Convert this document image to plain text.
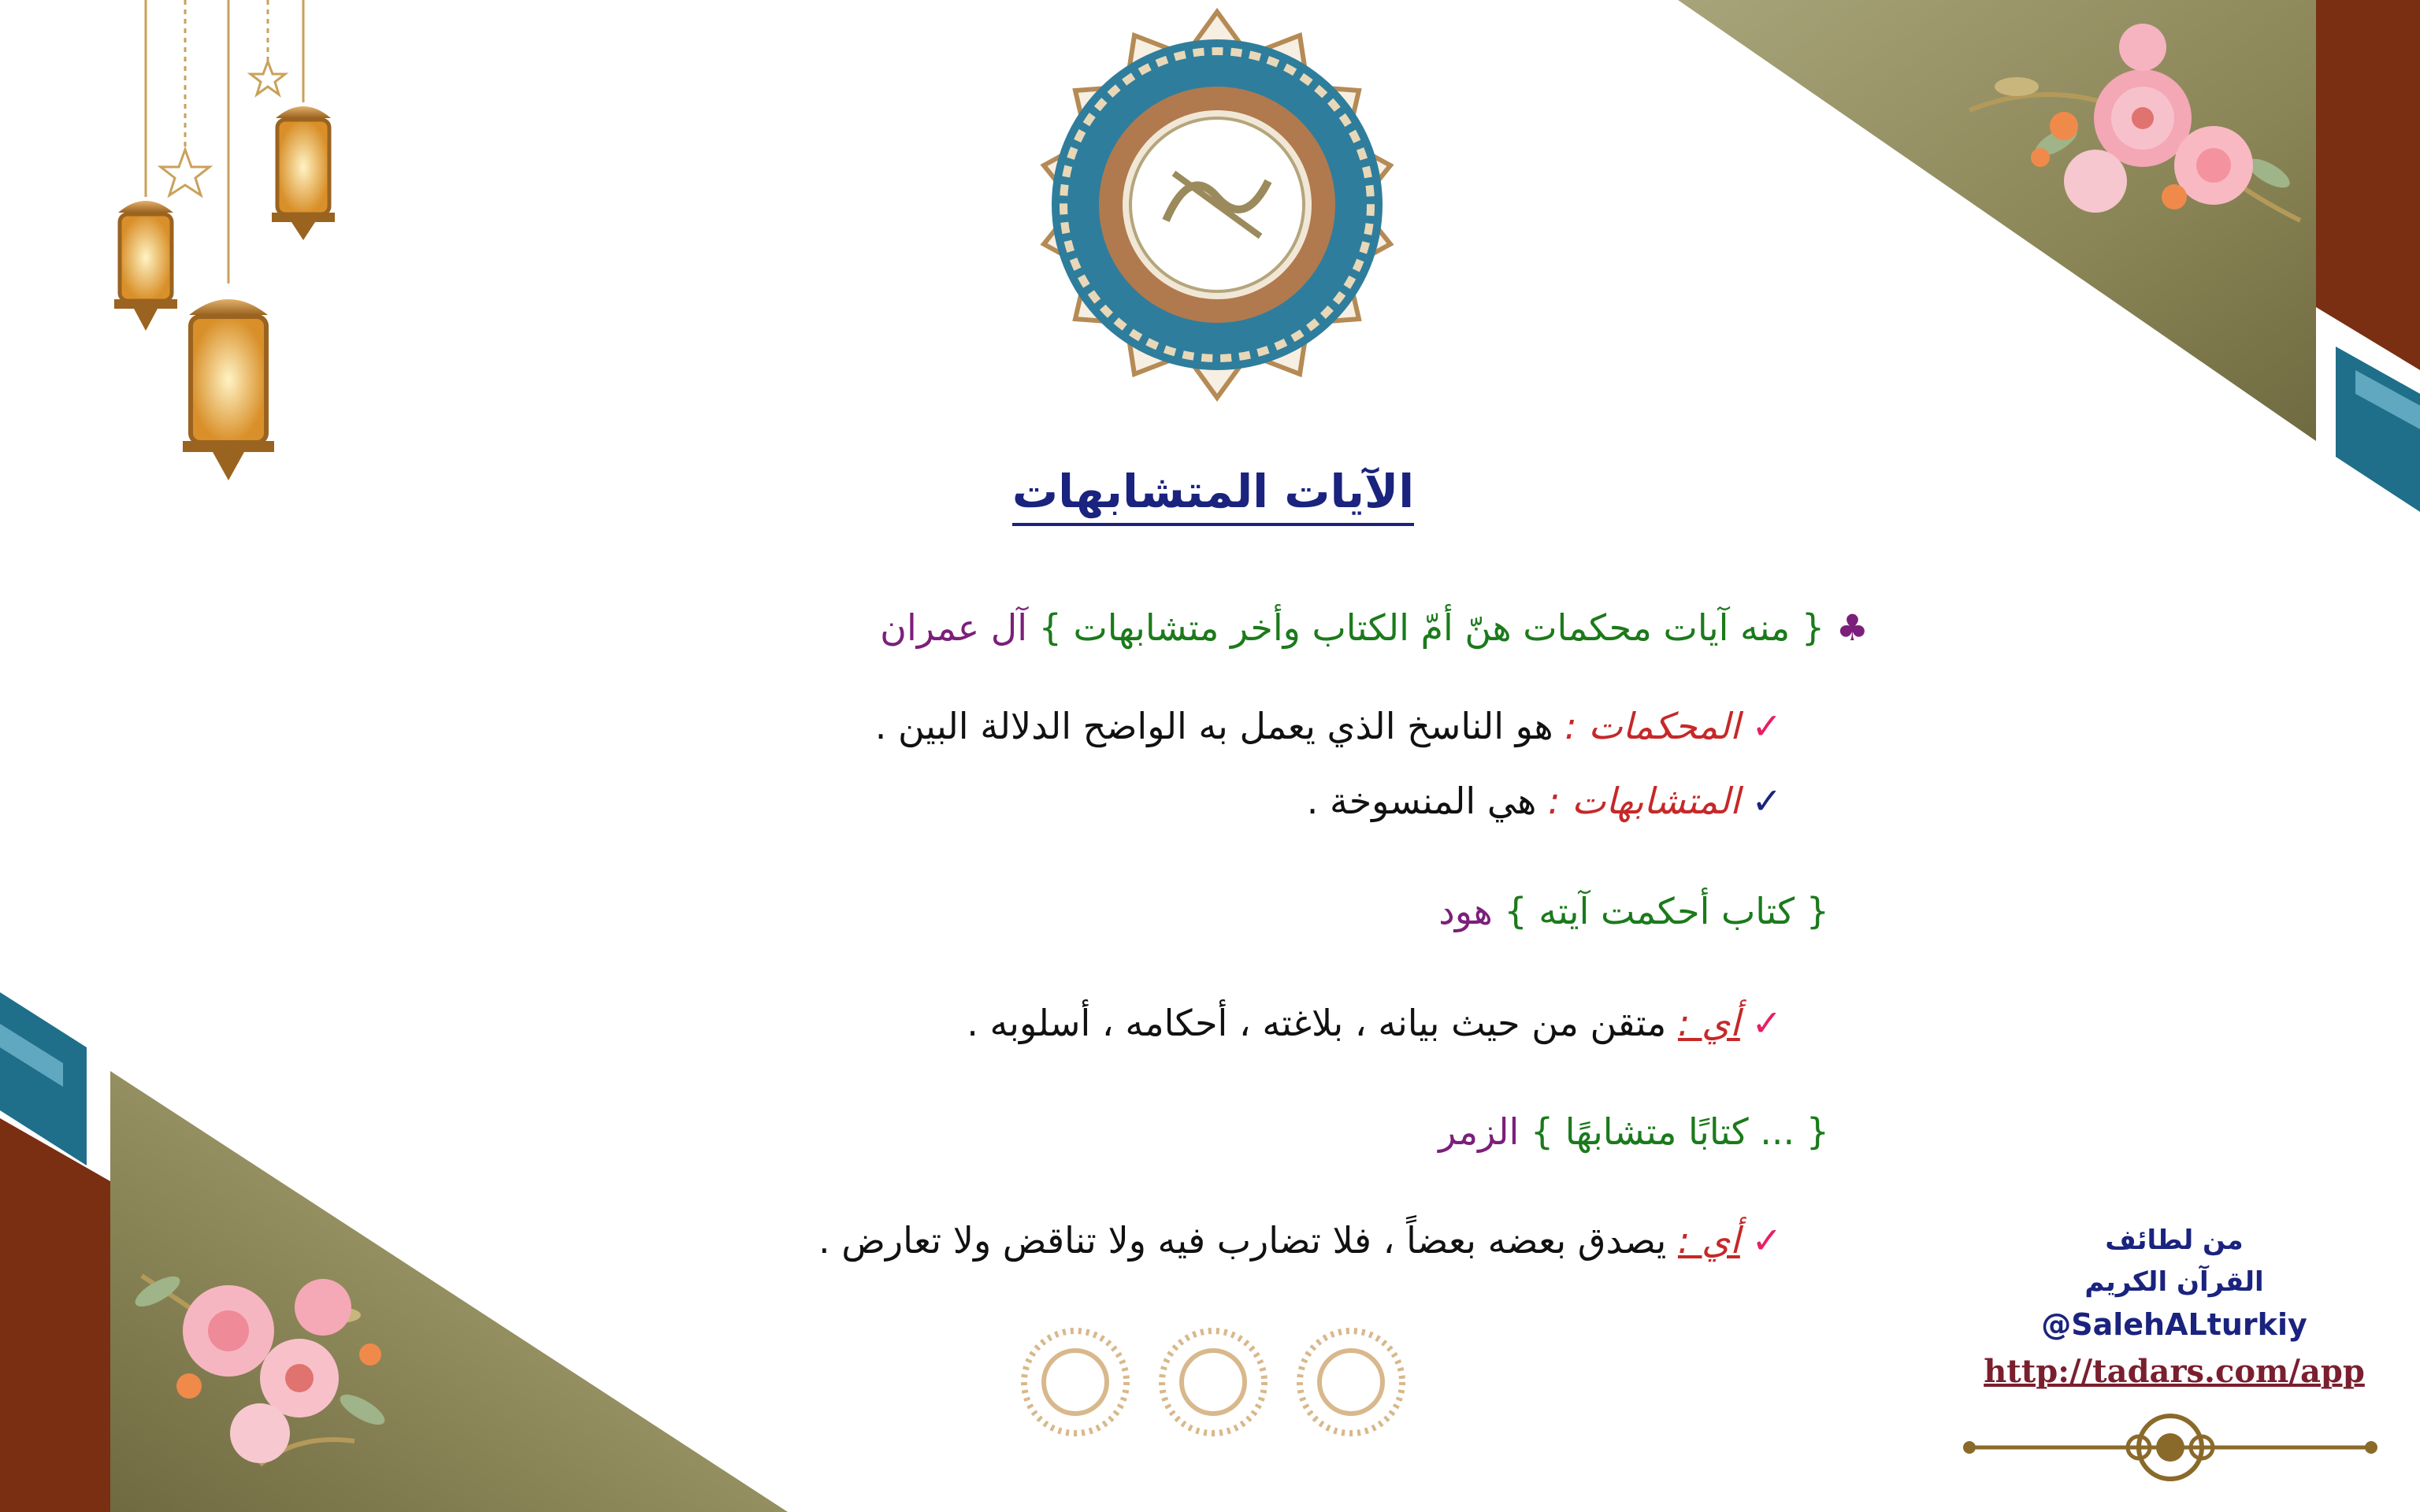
الآيات المتشابهات
♣ { منه آيات محكمات هنّ أمّ الكتاب وأخر متشابهات } آل عمران
✓ المحكمات : هو الناسخ الذي يعمل به الواضح الدلالة البين .
✓ المتشابهات : هي المنسوخة .
{ كتاب أحكمت آيته } هود
✓ أي : متقن من حيث بيانه ، بلاغته ، أحكامه ، أسلوبه .
{ ... كتابًا متشابهًا } الزمر
✓ أي : يصدق بعضه بعضاً ، فلا تضارب فيه ولا تناقض ولا تعارض .	من لطائف
القرآن الكريم
@SalehALturkiy
http://tadars.com/app
